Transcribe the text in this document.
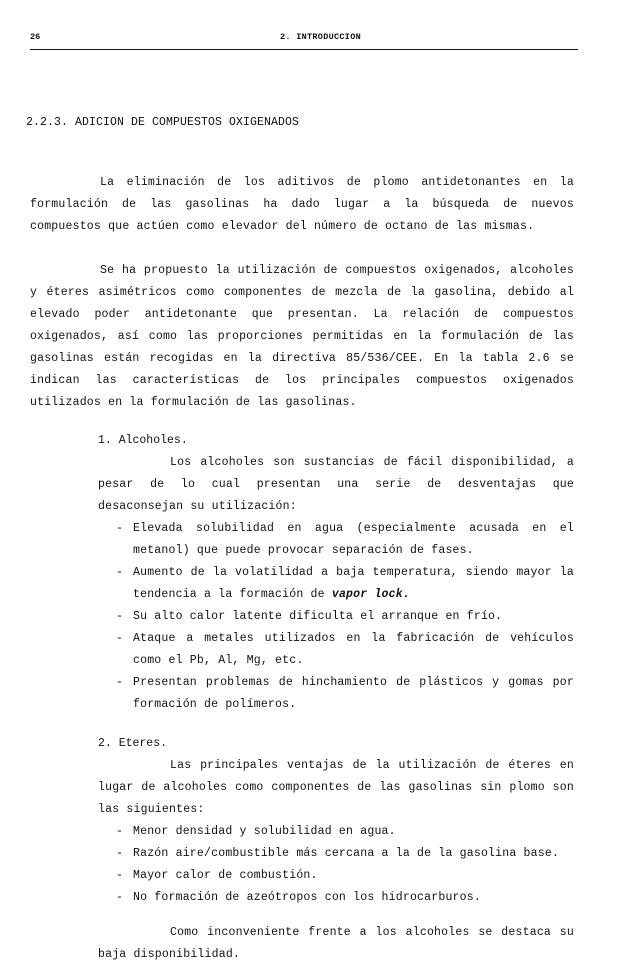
26	2. INTRODUCCION
2.2.3. ADICION DE COMPUESTOS OXIGENADOS

La eliminación de los aditivos de plomo antidetonantes en la formulación de las gasolinas ha dado lugar a la búsqueda de nuevos compuestos que actúen como elevador del número de octano de las mismas.

Se ha propuesto la utilización de compuestos oxigenados, alcoholes y éteres asimétricos como componentes de mezcla de la gasolina, debido al elevado poder antidetonante que presentan. La relación de compuestos oxigenados, así como las proporciones permitidas en la formulación de las gasolinas están recogidas en la directiva 85/536/CEE. En la tabla 2.6 se indican las características de los principales compuestos oxigenados utilizados en la formulación de las gasolinas.

1. Alcoholes.

Los alcoholes son sustancias de fácil disponibilidad, a pesar de lo cual presentan una serie de desventajas que desaconsejan su utilización:

- Elevada solubilidad en agua (especialmente acusada en el metanol) que puede provocar separación de fases.
- Aumento de la volatilidad a baja temperatura, siendo mayor la tendencia a la formación de vapor lock.
- Su alto calor latente dificulta el arranque en frío.
- Ataque a metales utilizados en la fabricación de vehículos como el Pb, Al, Mg, etc.
- Presentan problemas de hinchamiento de plásticos y gomas por formación de polímeros.
2. Eteres.

Las principales ventajas de la utilización de éteres en lugar de alcoholes como componentes de las gasolinas sin plomo son las siguientes:

- Menor densidad y solubilidad en agua.
- Razón aire/combustible más cercana a la de la gasolina base.
- Mayor calor de combustión.
- No formación de azeótropos con los hidrocarburos.

Como inconveniente frente a los alcoholes se destaca su baja disponibilidad.
